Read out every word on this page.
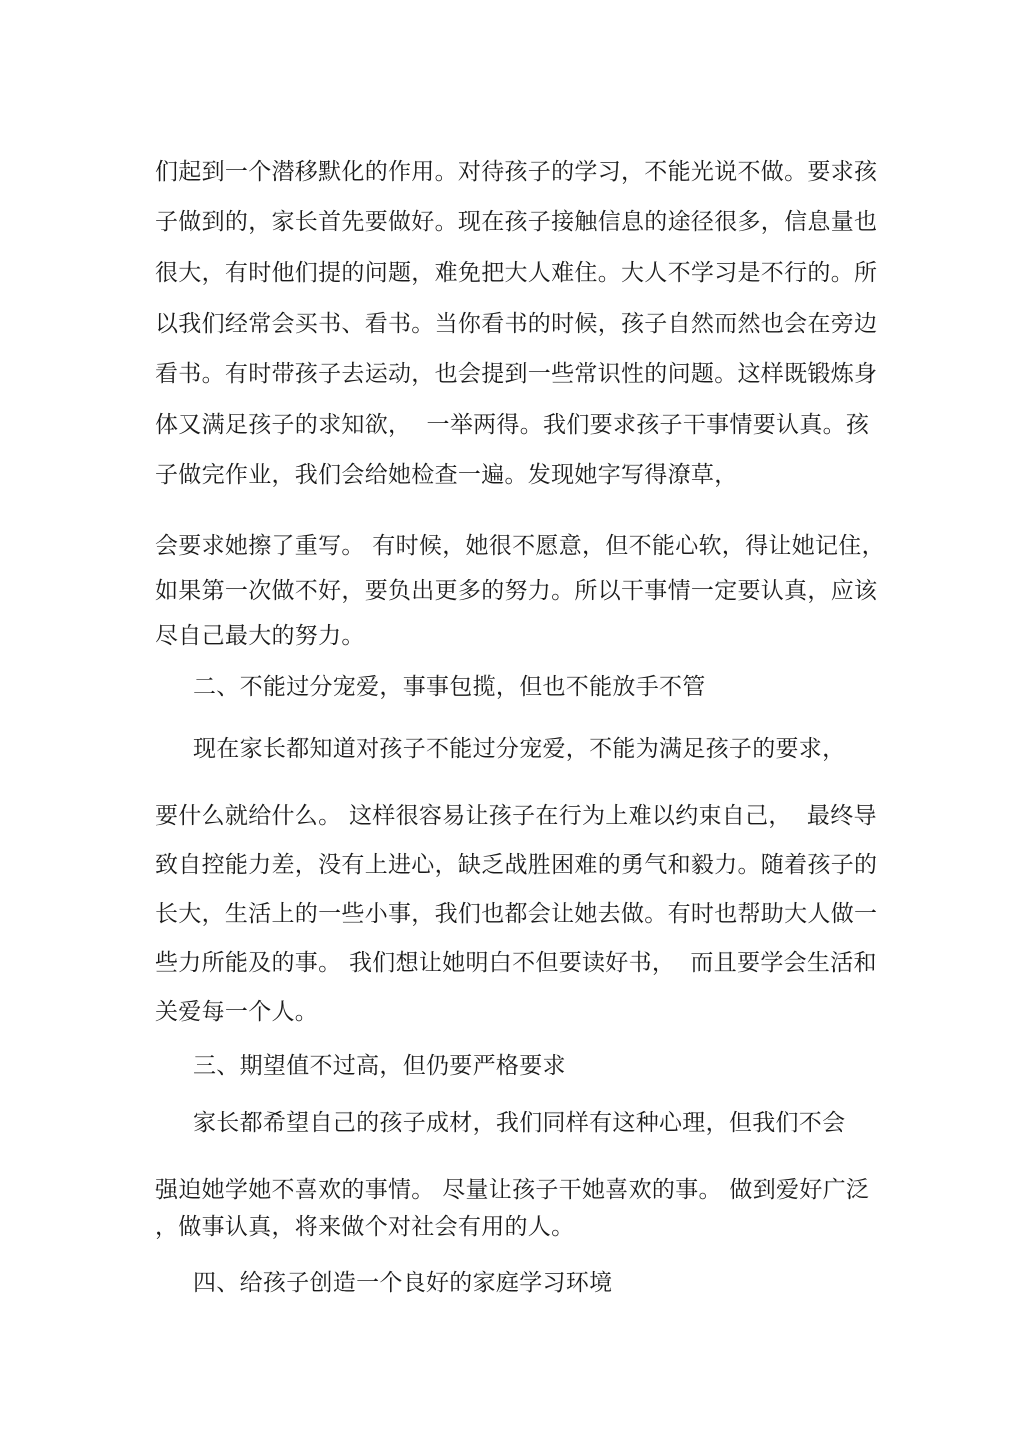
们起到一个潜移默化的作用。对待孩子的学习，不能光说不做。要求孩

子做到的，家长首先要做好。现在孩子接触信息的途径很多，信息量也

很大，有时他们提的问题，难免把大人难住。大人不学习是不行的。所

以我们经常会买书、看书。当你看书的时候，孩子自然而然也会在旁边

看书。有时带孩子去运动，也会提到一些常识性的问题。这样既锻炼身

体又满足孩子的求知欲，  一举两得。我们要求孩子干事情要认真。孩

子做完作业，我们会给她检查一遍。发现她字写得潦草，

会要求她擦了重写。 有时候，她很不愿意，但不能心软，得让她记住，

如果第一次做不好，要负出更多的努力。所以干事情一定要认真，应该

尽自己最大的努力。

二、不能过分宠爱，事事包揽，但也不能放手不管

现在家长都知道对孩子不能过分宠爱，不能为满足孩子的要求，

要什么就给什么。 这样很容易让孩子在行为上难以约束自己，  最终导

致自控能力差，没有上进心，缺乏战胜困难的勇气和毅力。随着孩子的

长大，生活上的一些小事，我们也都会让她去做。有时也帮助大人做一

些力所能及的事。 我们想让她明白不但要读好书，  而且要学会生活和

关爱每一个人。

三、期望值不过高，但仍要严格要求

家长都希望自己的孩子成材，我们同样有这种心理，但我们不会

强迫她学她不喜欢的事情。 尽量让孩子干她喜欢的事。 做到爱好广泛

，做事认真，将来做个对社会有用的人。

四、给孩子创造一个良好的家庭学习环境
